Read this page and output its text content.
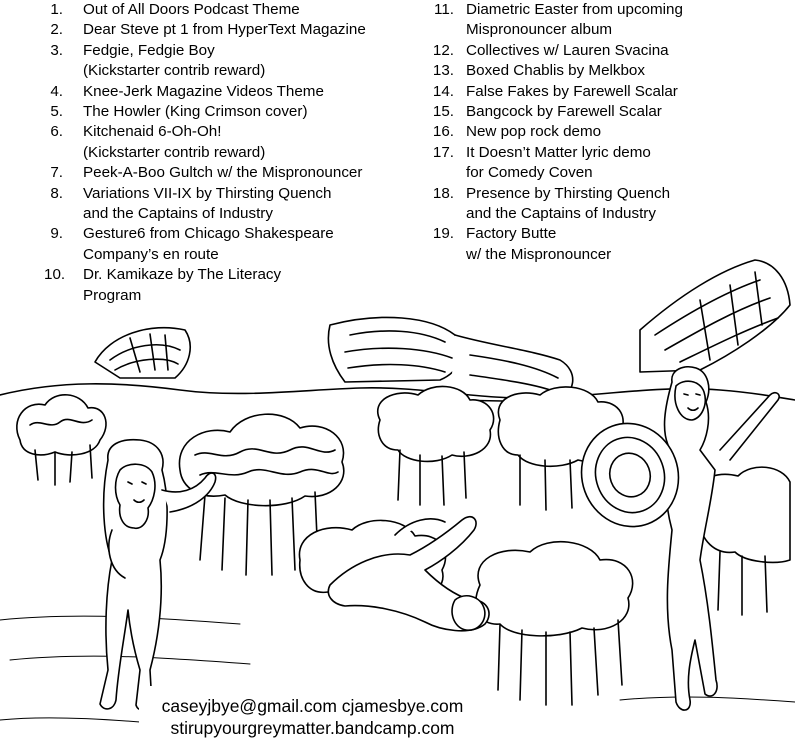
1. Out of All Doors Podcast Theme
2. Dear Steve pt 1 from HyperText Magazine
3. Fedgie, Fedgie Boy
(Kickstarter contrib reward)
4. Knee-Jerk Magazine Videos Theme
5. The Howler (King Crimson cover)
6. Kitchenaid 6-Oh-Oh!
(Kickstarter contrib reward)
7. Peek-A-Boo Gultch w/ the Mispronouncer
8. Variations VII-IX by Thirsting Quench
and the Captains of Industry
9. Gesture6 from Chicago Shakespeare
Company’s en route
10. Dr. Kamikaze by The Literacy
Program
11. Diametric Easter from upcoming
Mispronouncer album
12. Collectives w/ Lauren Svacina
13. Boxed Chablis by Melkbox
14. False Fakes by Farewell Scalar
15. Bangcock by Farewell Scalar
16. New pop rock demo
17. It Doesn’t Matter lyric demo
for Comedy Coven
18. Presence by Thirsting Quench
and the Captains of Industry
19. Factory Butte
w/ the Mispronouncer
caseyjbye@gmail.com cjamesbye.com
stirupyourgreymatter.bandcamp.com
